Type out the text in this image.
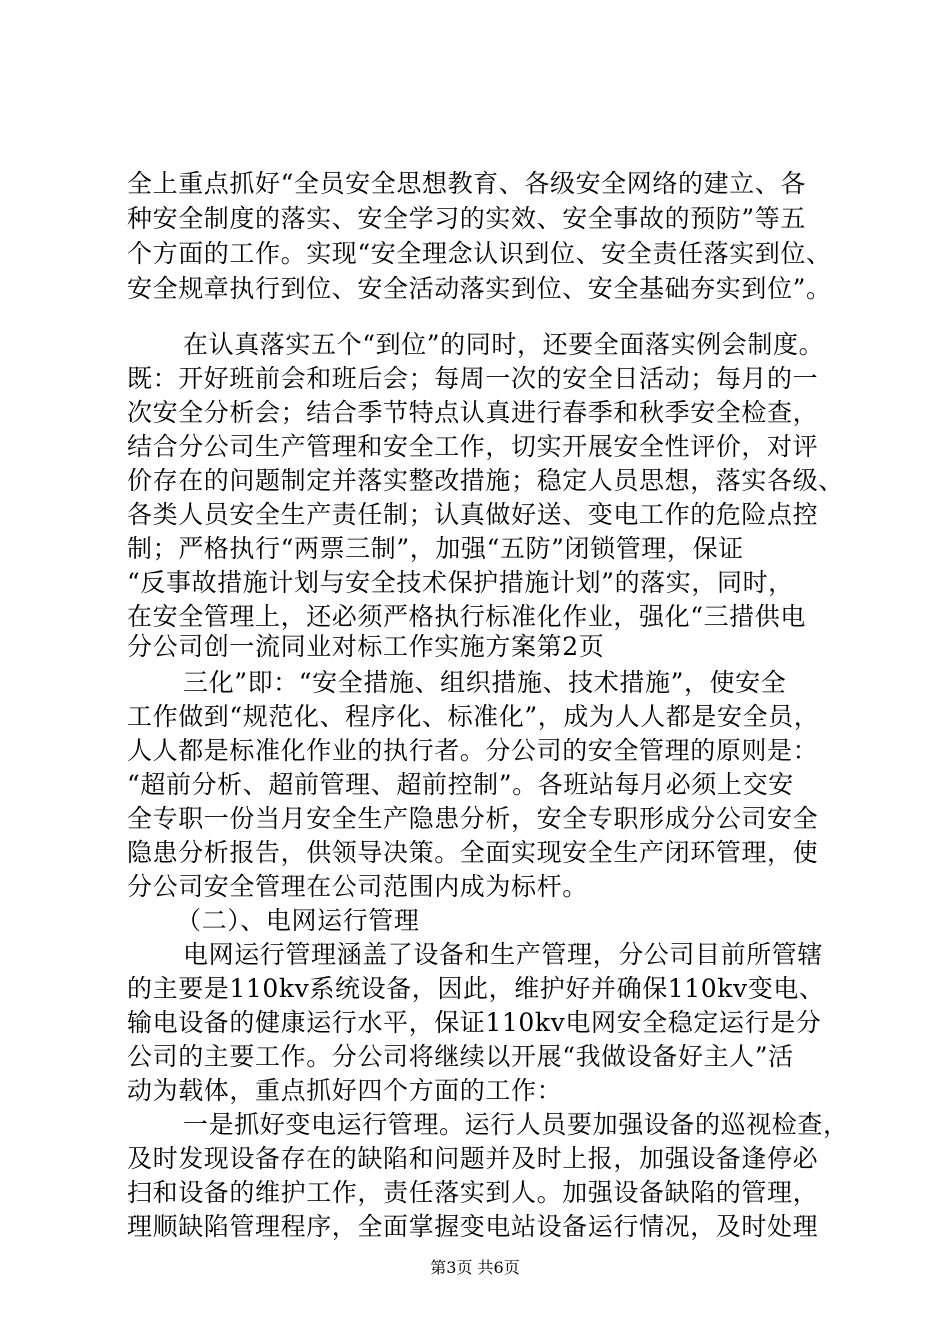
全上重点抓好“全员安全思想教育、各级安全网络的建立、各
种安全制度的落实、安全学习的实效、安全事故的预防”等五
个方面的工作。实现“安全理念认识到位、安全责任落实到位、
安全规章执行到位、安全活动落实到位、安全基础夯实到位”。
在认真落实五个“到位”的同时，还要全面落实例会制度。
既：开好班前会和班后会；每周一次的安全日活动；每月的一
次安全分析会；结合季节特点认真进行春季和秋季安全检查，
结合分公司生产管理和安全工作，切实开展安全性评价，对评
价存在的问题制定并落实整改措施；稳定人员思想，落实各级、
各类人员安全生产责任制；认真做好送、变电工作的危险点控
制；严格执行“两票三制”，加强“五防”闭锁管理，保证
“反事故措施计划与安全技术保护措施计划”的落实，同时，
在安全管理上，还必须严格执行标准化作业，强化“三措供电
分公司创一流同业对标工作实施方案第2页
三化”即：“安全措施、组织措施、技术措施”，使安全
工作做到“规范化、程序化、标准化”，成为人人都是安全员，
人人都是标准化作业的执行者。分公司的安全管理的原则是：
“超前分析、超前管理、超前控制”。各班站每月必须上交安
全专职一份当月安全生产隐患分析，安全专职形成分公司安全
隐患分析报告，供领导决策。全面实现安全生产闭环管理，使
分公司安全管理在公司范围内成为标杆。
（二）、电网运行管理
电网运行管理涵盖了设备和生产管理，分公司目前所管辖
的主要是110kv系统设备，因此，维护好并确保110kv变电、
输电设备的健康运行水平，保证110kv电网安全稳定运行是分
公司的主要工作。分公司将继续以开展“我做设备好主人”活
动为载体，重点抓好四个方面的工作：
一是抓好变电运行管理。运行人员要加强设备的巡视检查，
及时发现设备存在的缺陷和问题并及时上报，加强设备逢停必
扫和设备的维护工作，责任落实到人。加强设备缺陷的管理，
理顺缺陷管理程序，全面掌握变电站设备运行情况，及时处理
第3页 共6页
